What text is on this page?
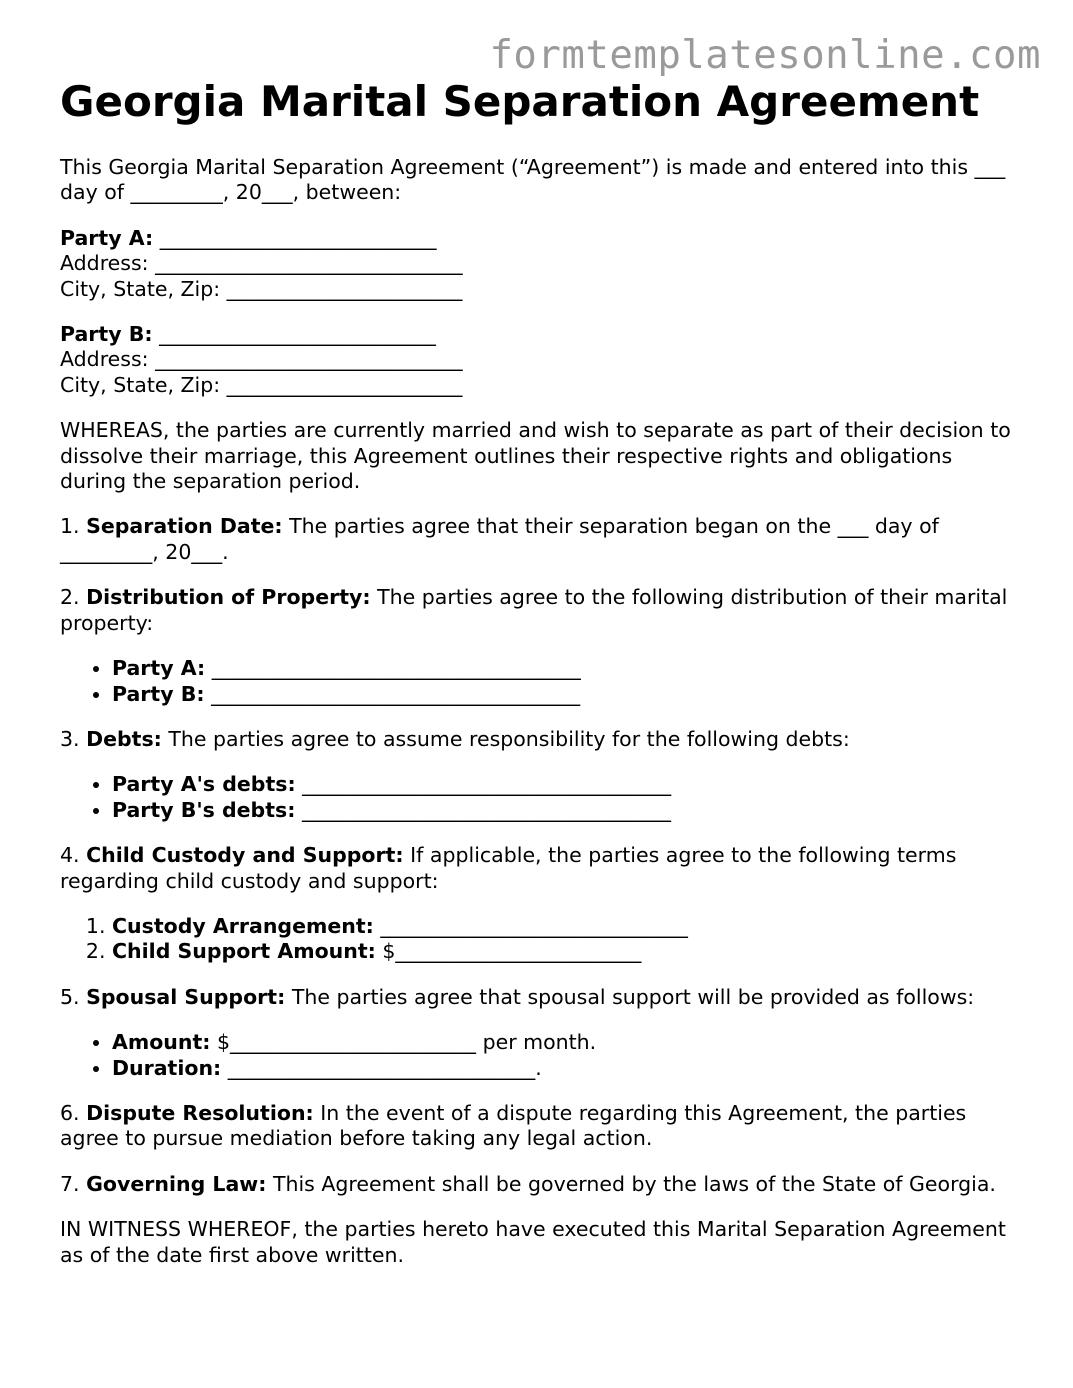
formtemplatesonline.com
Georgia Marital Separation Agreement

This Georgia Marital Separation Agreement (“Agreement”) is made and entered into this ___ day of _________, 20___, between:

Party A: ___________________________
Address: ______________________________
City, State, Zip: _______________________

Party B: ___________________________
Address: ______________________________
City, State, Zip: _______________________

WHEREAS, the parties are currently married and wish to separate as part of their decision to dissolve their marriage, this Agreement outlines their respective rights and obligations during the separation period.

1. Separation Date: The parties agree that their separation began on the ___ day of _________, 20___.

2. Distribution of Property: The parties agree to the following distribution of their marital property:

• Party A: ____________________________________
• Party B: ____________________________________

3. Debts: The parties agree to assume responsibility for the following debts:

• Party A's debts: ____________________________________
• Party B's debts: ____________________________________

4. Child Custody and Support: If applicable, the parties agree to the following terms regarding child custody and support:

1. Custody Arrangement: ______________________________
2. Child Support Amount: $________________________

5. Spousal Support: The parties agree that spousal support will be provided as follows:

• Amount: $________________________ per month.
• Duration: ______________________________.

6. Dispute Resolution: In the event of a dispute regarding this Agreement, the parties agree to pursue mediation before taking any legal action.

7. Governing Law: This Agreement shall be governed by the laws of the State of Georgia.

IN WITNESS WHEREOF, the parties hereto have executed this Marital Separation Agreement as of the date first above written.
